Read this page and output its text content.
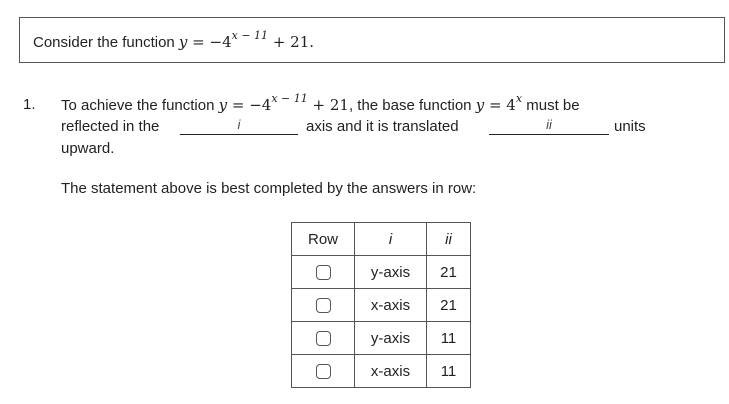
Consider the function $y = -4^{x - 11} + 21$.
1. To achieve the function $y = -4^{x - 11} + 21$, the base function $y = 4^x$ must be
reflected in the	i	axis and it is translated	ii	units
upward.
The statement above is best completed by the answers in row:
Row	i	ii
	y-axis	21
	x-axis	21
	y-axis	11
	x-axis	11
